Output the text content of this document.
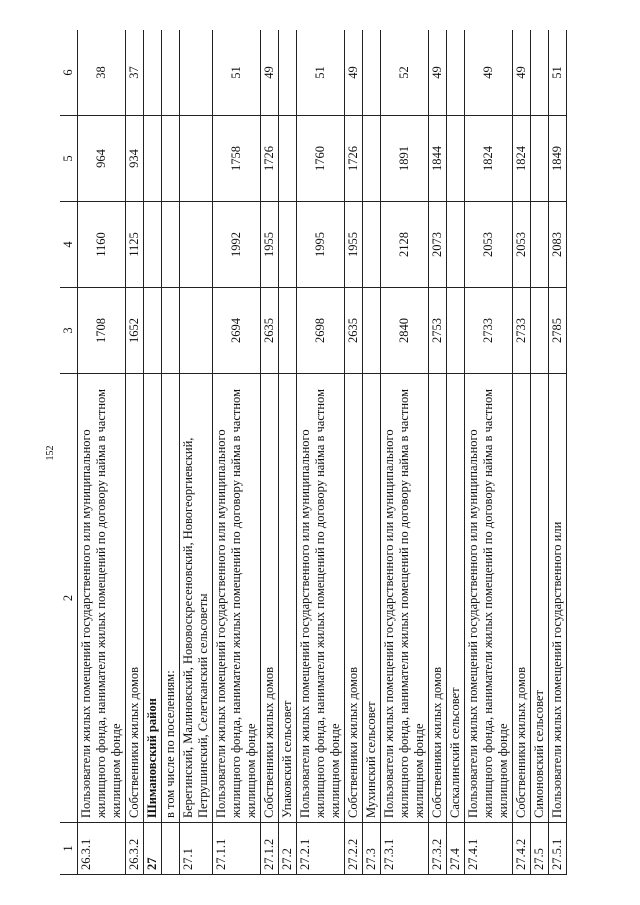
152
1
2
3
4
5
6
26.3.1
Пользователи жилых помещений государственного или муниципального жилищного фонда, наниматели жилых помещений по договору найма в частном жилищном фонде
1708
1160
964
38
26.3.2
Собственники жилых домов
1652
1125
934
37
27
Шимановский район в том числе по поселениям:
27.1
Берегинский, Малиновский, Нововоскресеновский, Новогеоргиевский, Петрушинский, Селетканский сельсоветы
27.1.1
Пользователи жилых помещений государственного или муниципального жилищного фонда, наниматели жилых помещений по договору найма в частном жилищном фонде
2694
1992
1758
51
27.1.2
Собственники жилых домов
2635
1955
1726
49
27.2
Упаковский сельсовет
27.2.1
Пользователи жилых помещений государственного или муниципального жилищного фонда, наниматели жилых помещений по договору найма в частном жилищном фонде
2698
1995
1760
51
27.2.2
Собственники жилых домов
2635
1955
1726
49
27.3
Мухинский сельсовет
27.3.1
Пользователи жилых помещений государственного или муниципального жилищного фонда, наниматели жилых помещений по договору найма в частном жилищном фонде
2840
2128
1891
52
27.3.2
Собственники жилых домов
2753
2073
1844
49
27.4
Саскалинский сельсовет
27.4.1
Пользователи жилых помещений государственного или муниципального жилищного фонда, наниматели жилых помещений по договору найма в частном жилищном фонде
2733
2053
1824
49
27.4.2
Собственники жилых домов
2733
2053
1824
49
27.5
Симоновский сельсовет
27.5.1
Пользователи жилых помещений государственного или
2785
2083
1849
51
